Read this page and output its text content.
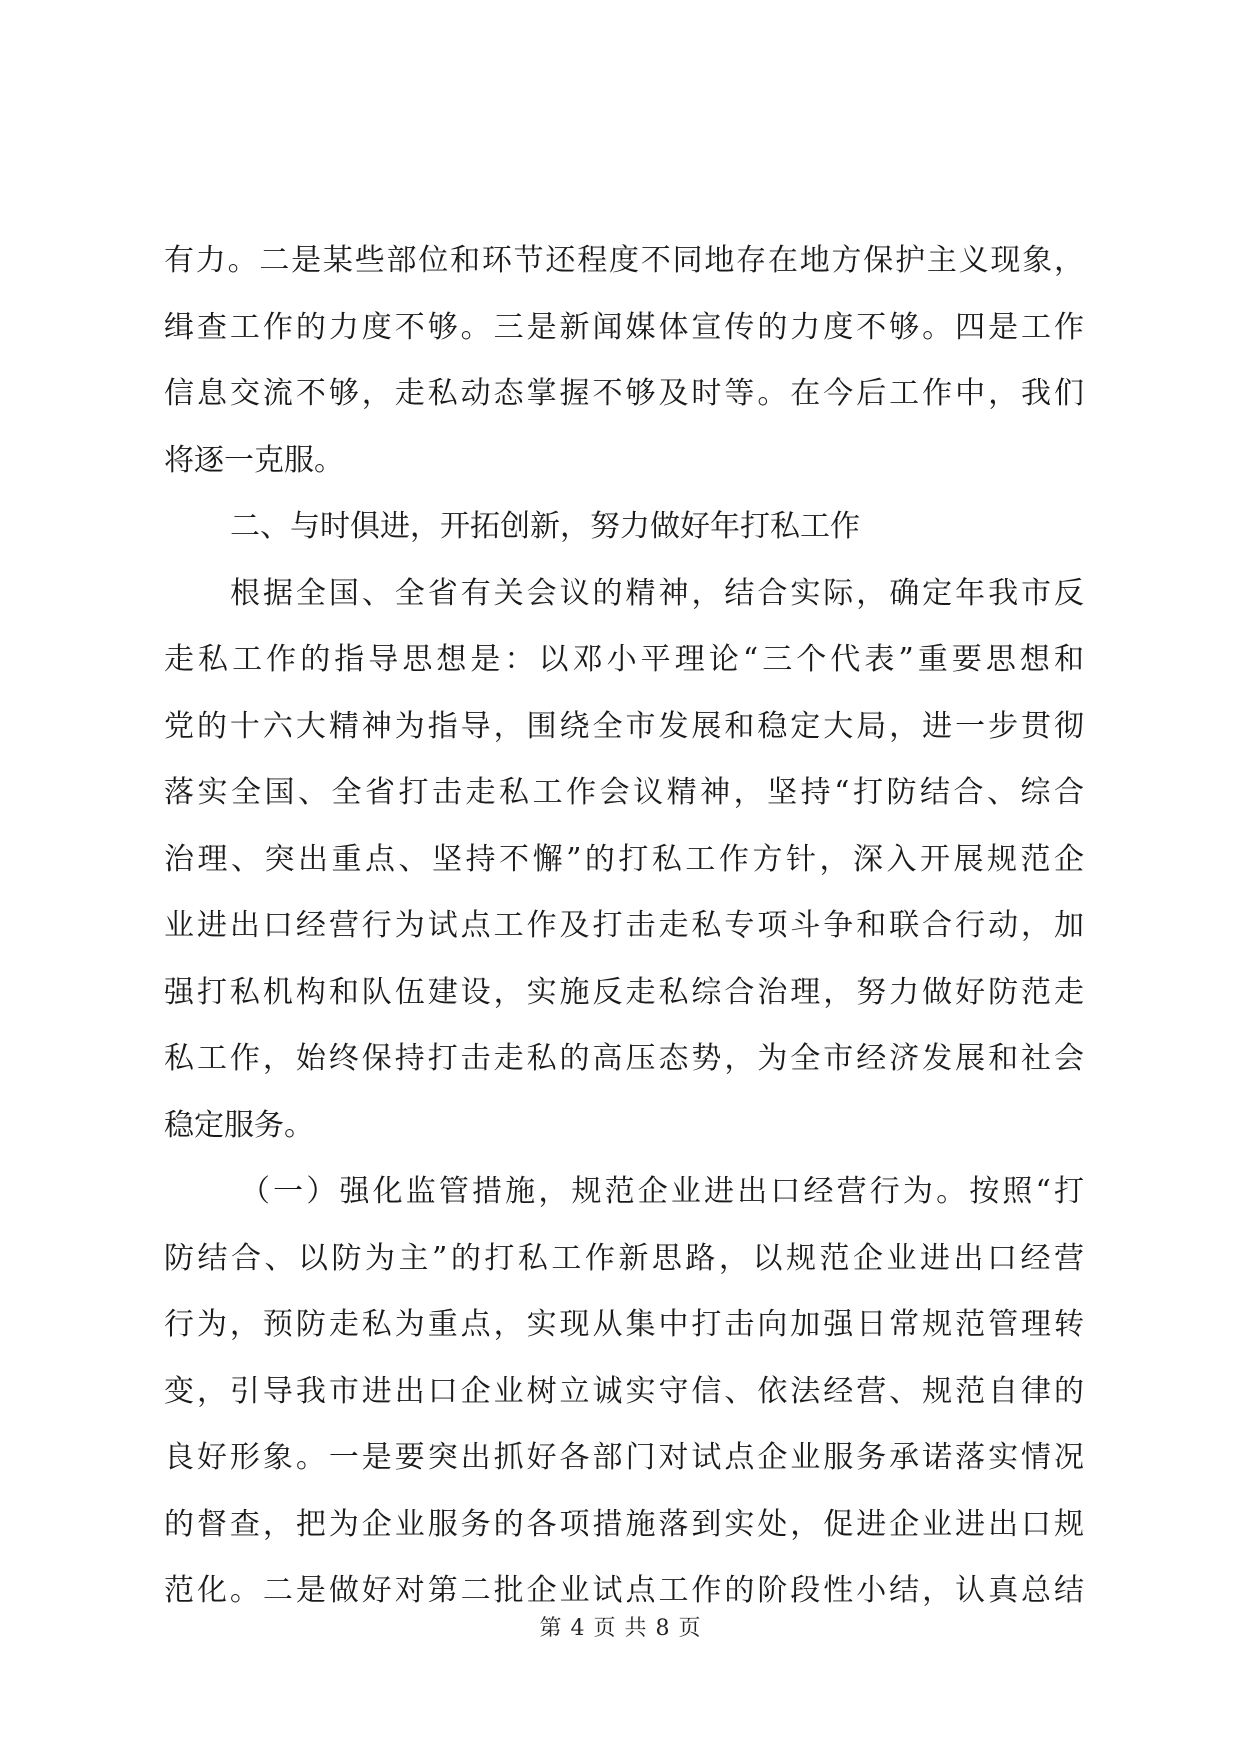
有力。二是某些部位和环节还程度不同地存在地方保护主义现象，
缉查工作的力度不够。三是新闻媒体宣传的力度不够。四是工作
信息交流不够，走私动态掌握不够及时等。在今后工作中，我们
将逐一克服。
二、与时俱进，开拓创新，努力做好年打私工作
根据全国、全省有关会议的精神，结合实际，确定年我市反
走私工作的指导思想是：以邓小平理论“三个代表”重要思想和
党的十六大精神为指导，围绕全市发展和稳定大局，进一步贯彻
落实全国、全省打击走私工作会议精神，坚持“打防结合、综合
治理、突出重点、坚持不懈”的打私工作方针，深入开展规范企
业进出口经营行为试点工作及打击走私专项斗争和联合行动，加
强打私机构和队伍建设，实施反走私综合治理，努力做好防范走
私工作，始终保持打击走私的高压态势，为全市经济发展和社会
稳定服务。
（一）强化监管措施，规范企业进出口经营行为。按照“打
防结合、以防为主”的打私工作新思路，以规范企业进出口经营
行为，预防走私为重点，实现从集中打击向加强日常规范管理转
变，引导我市进出口企业树立诚实守信、依法经营、规范自律的
良好形象。一是要突出抓好各部门对试点企业服务承诺落实情况
的督查，把为企业服务的各项措施落到实处，促进企业进出口规
范化。二是做好对第二批企业试点工作的阶段性小结，认真总结
第 4 页 共 8 页
